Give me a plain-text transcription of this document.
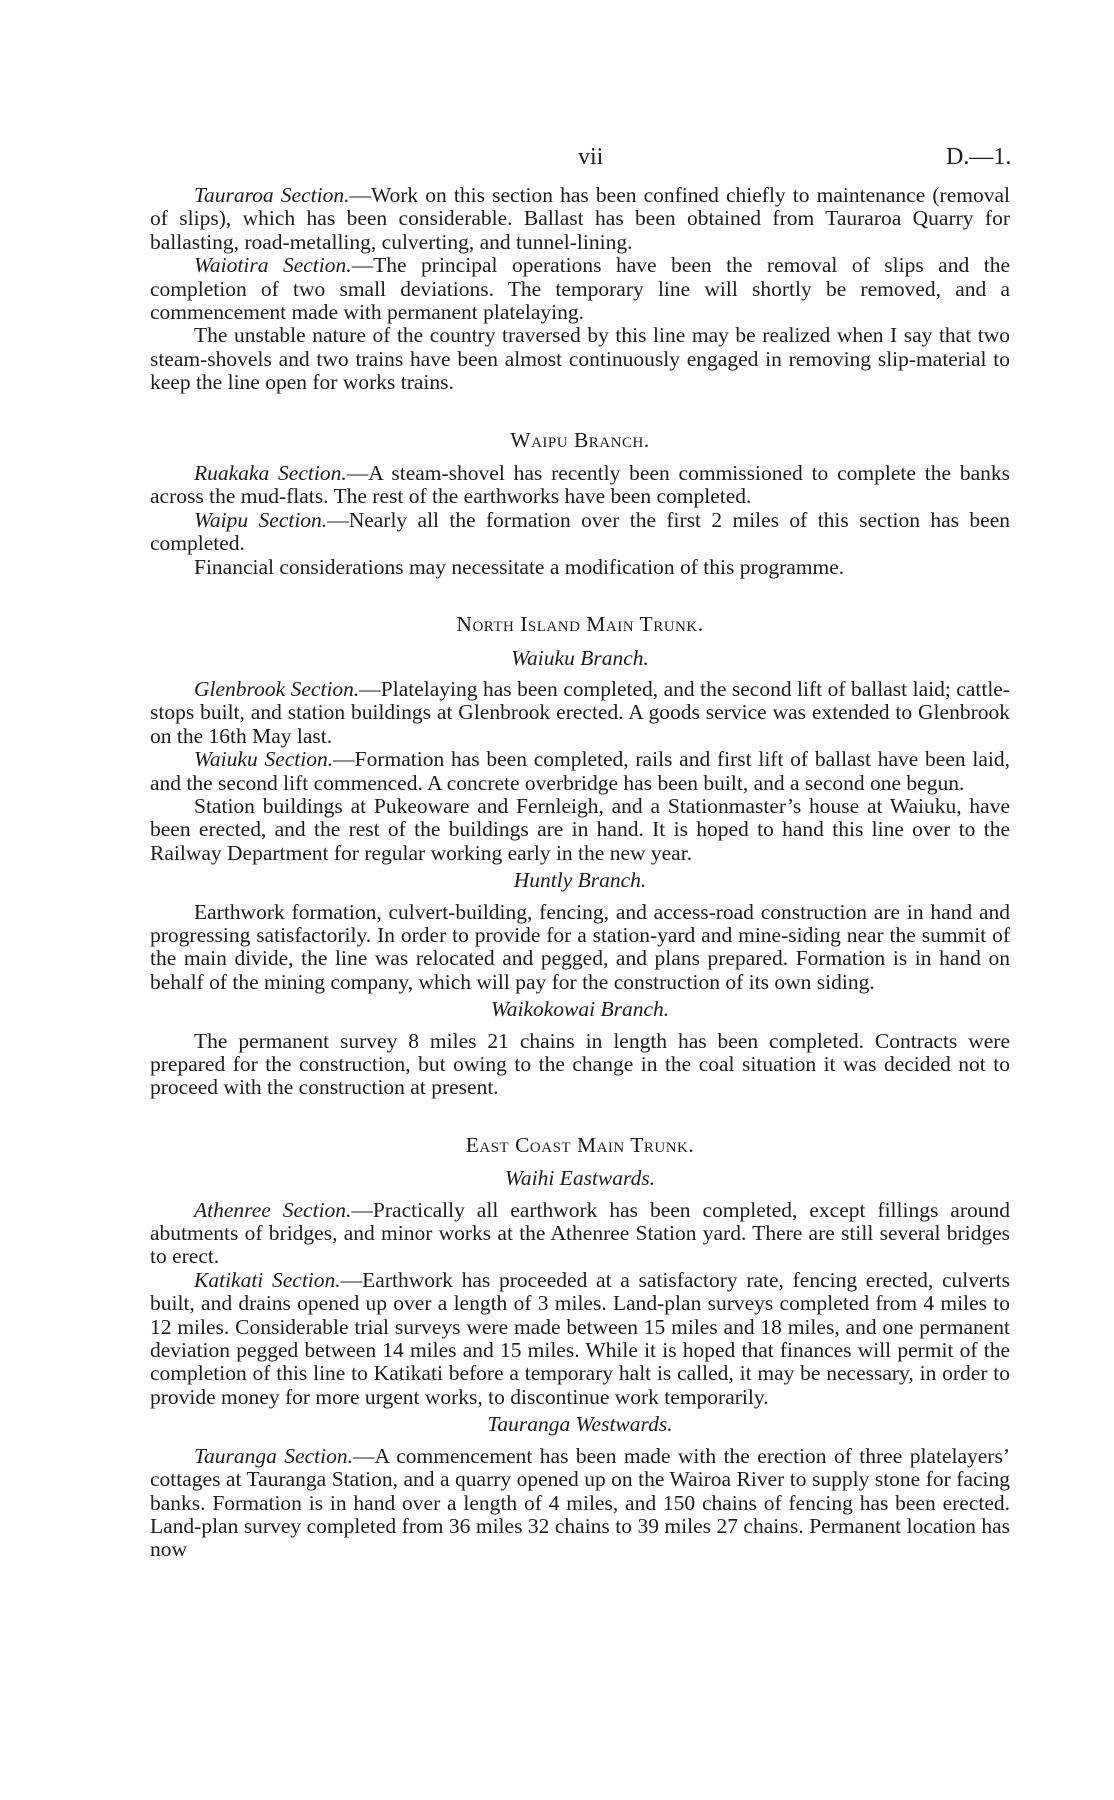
vii	D.—1.

Tauraroa Section.—Work on this section has been confined chiefly to maintenance (removal of slips), which has been considerable. Ballast has been obtained from Tauraroa Quarry for ballasting, road-metalling, culverting, and tunnel-lining.

Waiotira Section.—The principal operations have been the removal of slips and the completion of two small deviations. The temporary line will shortly be removed, and a commencement made with permanent platelaying.

The unstable nature of the country traversed by this line may be realized when I say that two steam-shovels and two trains have been almost continuously engaged in removing slip-material to keep the line open for works trains.

Waipu Branch.

Ruakaka Section.—A steam-shovel has recently been commissioned to complete the banks across the mud-flats. The rest of the earthworks have been completed.

Waipu Section.—Nearly all the formation over the first 2 miles of this section has been completed.

Financial considerations may necessitate a modification of this programme.

North Island Main Trunk.
Waiuku Branch.

Glenbrook Section.—Platelaying has been completed, and the second lift of ballast laid; cattle-stops built, and station buildings at Glenbrook erected. A goods service was extended to Glenbrook on the 16th May last.

Waiuku Section.—Formation has been completed, rails and first lift of ballast have been laid, and the second lift commenced. A concrete overbridge has been built, and a second one begun.

Station buildings at Pukeoware and Fernleigh, and a Stationmaster’s house at Waiuku, have been erected, and the rest of the buildings are in hand. It is hoped to hand this line over to the Railway Department for regular working early in the new year.

Huntly Branch.

Earthwork formation, culvert-building, fencing, and access-road construction are in hand and progressing satisfactorily. In order to provide for a station-yard and mine-siding near the summit of the main divide, the line was relocated and pegged, and plans prepared. Formation is in hand on behalf of the mining company, which will pay for the construction of its own siding.

Waikokowai Branch.

The permanent survey 8 miles 21 chains in length has been completed. Contracts were prepared for the construction, but owing to the change in the coal situation it was decided not to proceed with the construction at present.

East Coast Main Trunk.
Waihi Eastwards.

Athenree Section.—Practically all earthwork has been completed, except fillings around abutments of bridges, and minor works at the Athenree Station yard. There are still several bridges to erect.

Katikati Section.—Earthwork has proceeded at a satisfactory rate, fencing erected, culverts built, and drains opened up over a length of 3 miles. Land-plan surveys completed from 4 miles to 12 miles. Considerable trial surveys were made between 15 miles and 18 miles, and one permanent deviation pegged between 14 miles and 15 miles. While it is hoped that finances will permit of the completion of this line to Katikati before a temporary halt is called, it may be necessary, in order to provide money for more urgent works, to discontinue work temporarily.

Tauranga Westwards.

Tauranga Section.—A commencement has been made with the erection of three platelayers’ cottages at Tauranga Station, and a quarry opened up on the Wairoa River to supply stone for facing banks. Formation is in hand over a length of 4 miles, and 150 chains of fencing has been erected. Land-plan survey completed from 36 miles 32 chains to 39 miles 27 chains. Permanent location has now
